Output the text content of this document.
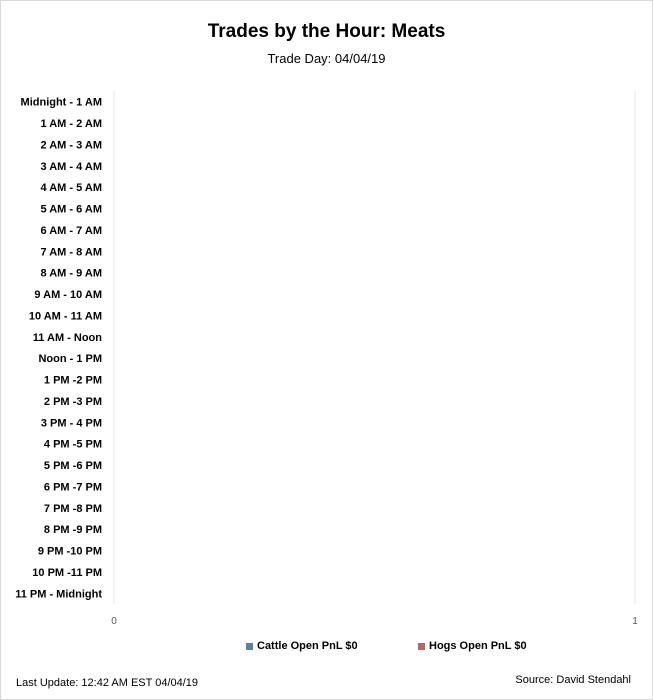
Trades by the Hour: Meats
Trade Day: 04/04/19
Midnight - 1 AM
1 AM - 2 AM
2 AM - 3 AM
3 AM - 4 AM
4 AM - 5 AM
5 AM - 6 AM
6 AM - 7 AM
7 AM - 8 AM
8 AM - 9 AM
9 AM - 10 AM
10 AM - 11 AM
11 AM - Noon
Noon - 1 PM
1 PM -2 PM
2 PM -3 PM
3 PM - 4 PM
4 PM -5 PM
5 PM -6 PM
6 PM -7 PM
7 PM -8 PM
8 PM -9 PM
9 PM -10 PM
10 PM -11 PM
11 PM - Midnight
0	1
Cattle Open PnL $0	Hogs Open PnL $0
Last Update: 12:42 AM EST 04/04/19	Source: David Stendahl
